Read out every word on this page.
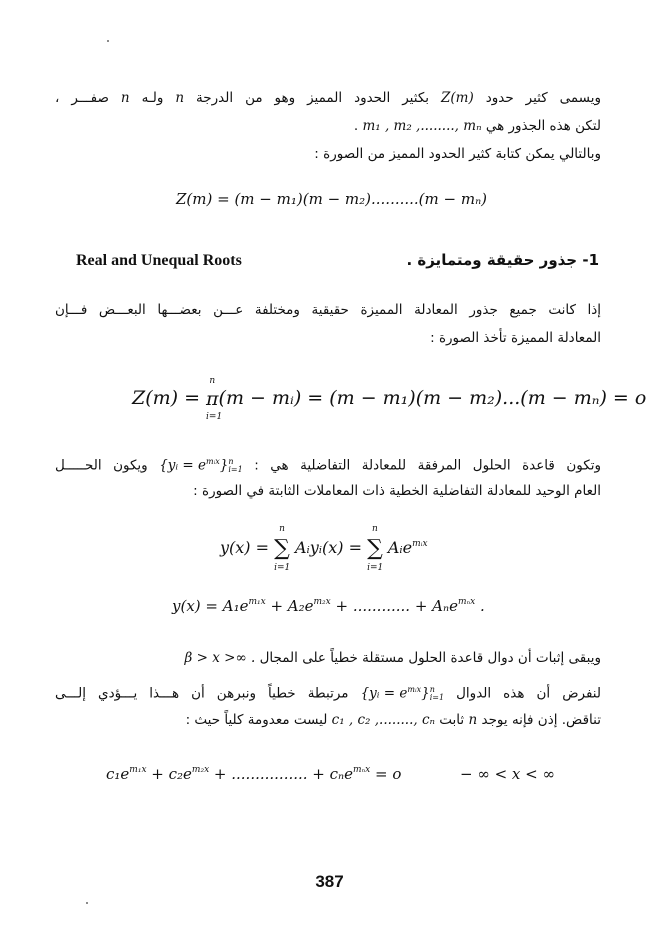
ويسمى كثير حدود Z(m) بكثير الحدود المميز وهو من الدرجة n ولـه n صفـــر ،
لتكن هذه الجذور هي m₁ , m₂ ,........, mₙ .
وبالتالي يمكن كتابة كثير الحدود المميز من الصورة :
Z(m) = (m − m₁)(m − m₂)..........(m − mₙ)
Real and Unequal Roots	1- جذور حقيقة ومتمايزة .
إذا كانت جميع جذور المعادلة المميزة حقيقية ومختلفة عـــن بعضـــها البعـــض فـــإن
المعادلة المميزة تأخذ الصورة :
Z(m) =
n
π
i=1
(m − mᵢ) = (m − m₁)(m − m₂)...(m − mₙ) = o
وتكون قاعدة الحلول المرفقة للمعادلة التفاضلية هي : {yᵢ = $e^{mᵢx}$} n
i=1
ويكون الحـــــل
العام الوحيد للمعادلة التفاضلية الخطية ذات المعاملات الثابتة في الصورة :
y(x) =
n
∑
i=1
Aᵢyᵢ(x) =
n
∑
i=1
Aᵢe$^{mᵢx}$
$y(x) = A_1e^{m_1x} + A_2e^{m_2x}$ + ............ + Aₙe$^{m_nx}$ .
ويبقى إثبات أن دوال قاعدة الحلول مستقلة خطياً على المجال β > x >∞ .
لنفرض أن هذه الدوال {yᵢ = $e^{mᵢx}$} n
i=1
مرتبطة خطياً ونبرهن أن هـــذا يـــؤدي إلـــى
تناقض. إذن فإنه يوجد n ثابت c₁ , c₂ ,........, cₙ ليست معدومة كلياً حيث :
$c_1e^{m_1x} + c_2e^{m_2x}$ + ................ + cₙe$^{m_nx}$ = o	− ∞ < x < ∞
387
